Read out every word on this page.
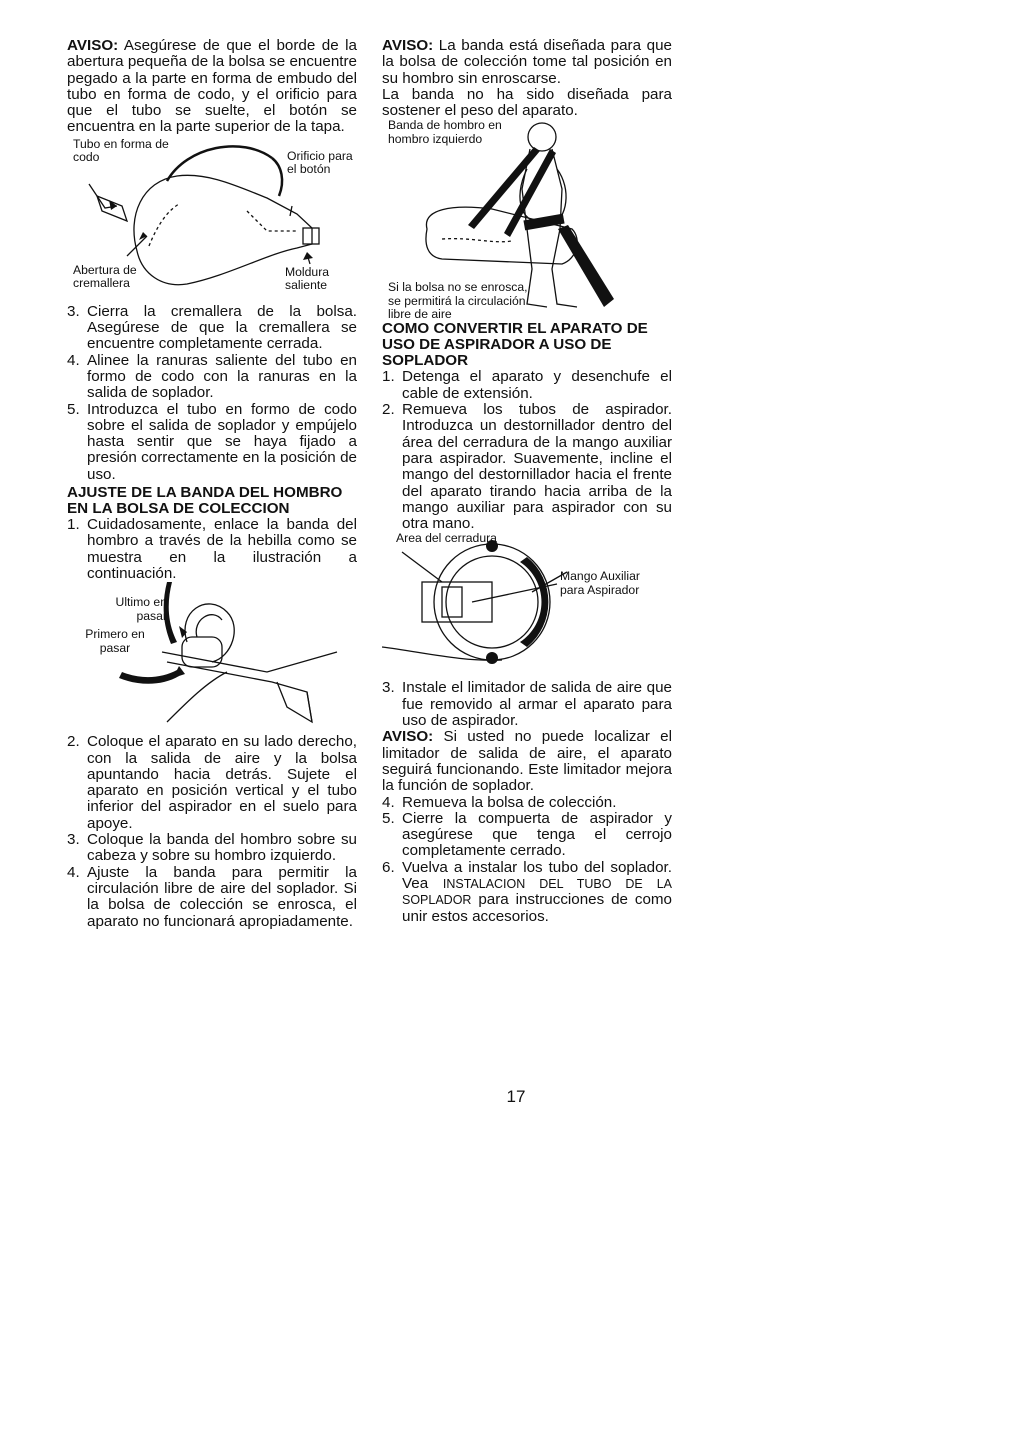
AVISO: Asegúrese de que el borde de la abertura pequeña de la bolsa se encuentre pegado a la parte en forma de embudo del tubo en forma de codo, y el orificio para que el tubo se suelte, el botón se encuentra en la parte superior de la tapa.

Tubo en forma de codo	Orificio para el botón
Abertura de cremallera
Moldura saliente
3. Cierra la cremallera de la bolsa. Asegúrese de que la cremallera se encuentre completamente cerrada.
4. Alinee la ranuras saliente del tubo en formo de codo con la ranuras en la salida de soplador.
5. Introduzca el tubo en formo de codo sobre el salida de soplador y empújelo hasta sentir que se haya fijado a presión correctamente en la posición de uso.
AJUSTE DE LA BANDA DEL HOMBRO EN LA BOLSA DE COLECCION
1. Cuidadosamente, enlace la banda del hombro a través de la hebilla como se muestra en la ilustración a continuación.
Ultimo en pasar
Primero en pasar
2. Coloque el aparato en su lado derecho, con la salida de aire y la bolsa apuntando hacia detrás. Sujete el aparato en posición vertical y el tubo inferior del aspirador en el suelo para apoye.
3. Coloque la banda del hombro sobre su cabeza y sobre su hombro izquierdo.
4. Ajuste la banda para permitir la circulación libre de aire del soplador. Si la bolsa de colección se enrosca, el aparato no funcionará apropiadamente.

AVISO: La banda está diseñada para que la bolsa de colección tome tal posición en su hombro sin enroscarse.

La banda no ha sido diseñada para sostener el peso del aparato.

Banda de hombro en hombro izquierdo
Si la bolsa no se enrosca, se permitirá la circulación libre de aire
COMO CONVERTIR EL APARATO DE USO DE ASPIRADOR A USO DE SOPLADOR
1. Detenga el aparato y desenchufe el cable de extensión.
2. Remueva los tubos de aspirador. Introduzca un destornillador dentro del área del cerradura de la mango auxiliar para aspirador. Suavemente, incline el mango del destornillador hacia el frente del aparato tirando hacia arriba de la mango auxiliar para aspirador con su otra mano.
Area del cerradura
Mango Auxiliar para Aspirador
3. Instale el limitador de salida de aire que fue removido al armar el aparato para uso de aspirador.

AVISO: Si usted no puede localizar el limitador de salida de aire, el aparato seguirá funcionando. Este limitador mejora la función de soplador.

4. Remueva la bolsa de colección.
5. Cierre la compuerta de aspirador y asegúrese que tenga el cerrojo completamente cerrado.
6. Vuelva a instalar los tubo del soplador. Vea INSTALACION DEL TUBO DE LA SOPLADOR para instrucciones de como unir estos accesorios.
17
